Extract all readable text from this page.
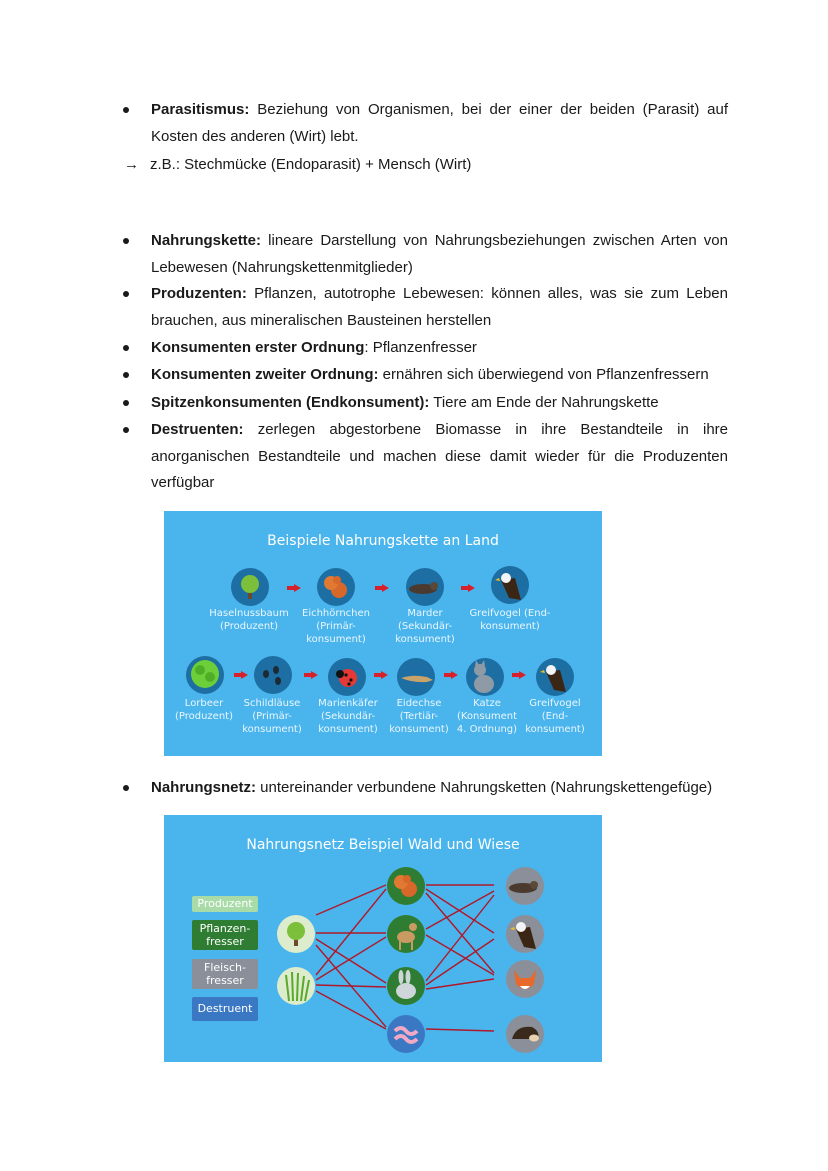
Parasitismus: Beziehung von Organismen, bei der einer der beiden (Parasit) auf Kosten des anderen (Wirt) lebt.
→ z.B.: Stechmücke (Endoparasit) + Mensch (Wirt)
Nahrungskette: lineare Darstellung von Nahrungsbeziehungen zwischen Arten von Lebewesen (Nahrungskettenmitglieder)
Produzenten: Pflanzen, autotrophe Lebewesen: können alles, was sie zum Leben brauchen, aus mineralischen Bausteinen herstellen
Konsumenten erster Ordnung: Pflanzenfresser
Konsumenten zweiter Ordnung: ernähren sich überwiegend von Pflanzenfressern
Spitzenkonsumenten (Endkonsument): Tiere am Ende der Nahrungskette
Destruenten: zerlegen abgestorbene Biomasse in ihre Bestandteile in ihre anorganischen Bestandteile und machen diese damit wieder für die Produzenten verfügbar
Beispiele Nahrungskette an Land
Haselnussbaum (Produzent)
Eichhörnchen (Primär-konsument)
Marder (Sekundär-konsument)
Greifvogel (End-konsument)
Lorbeer (Produzent)
Schildläuse (Primär-konsument)
Marienkäfer (Sekundär-konsument)
Eidechse (Tertiär-konsument)
Katze (Konsument 4. Ordnung)
Greifvogel (End-konsument)
Nahrungsnetz: untereinander verbundene Nahrungsketten (Nahrungskettengefüge)
Nahrungsnetz Beispiel Wald und Wiese
Produzent
Pflanzen-fresser
Fleisch-fresser
Destruent
